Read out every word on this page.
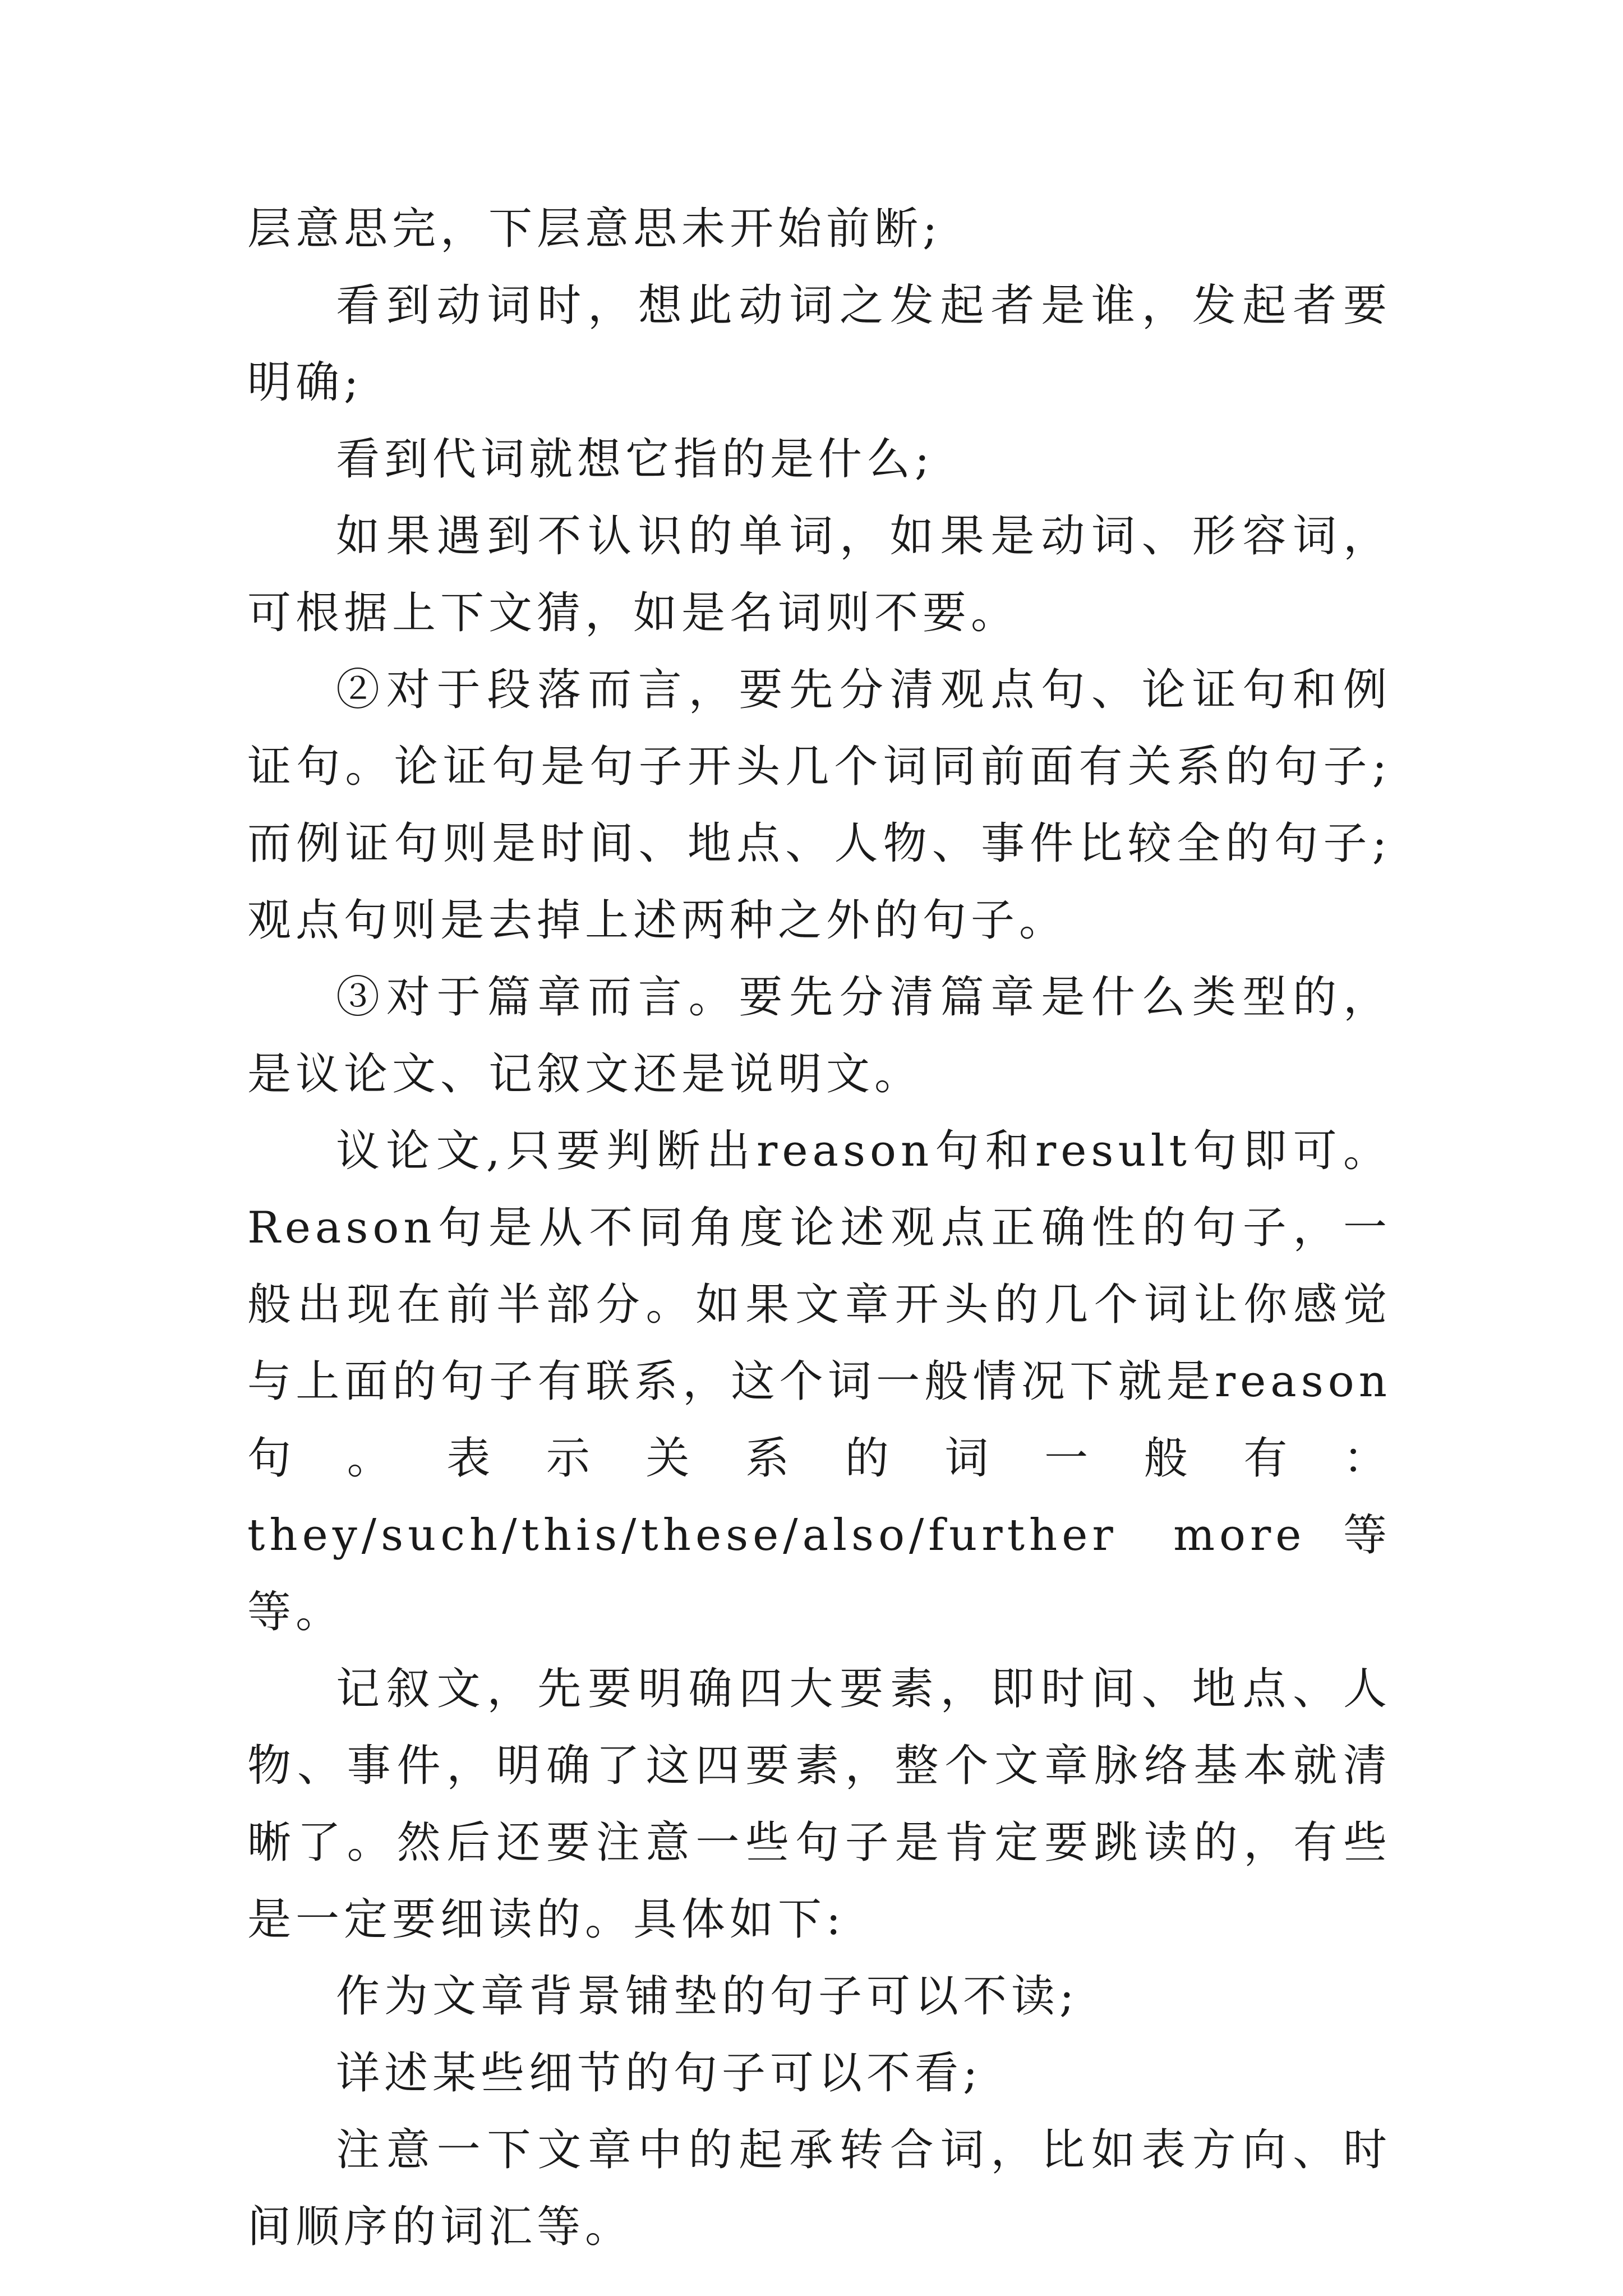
层意思完，下层意思未开始前断;

看到动词时，想此动词之发起者是谁，发起者要明确;

看到代词就想它指的是什么;

如果遇到不认识的单词，如果是动词、形容词，可根据上下文猜，如是名词则不要。

②对于段落而言，要先分清观点句、论证句和例证句。论证句是句子开头几个词同前面有关系的句子;而例证句则是时间、地点、人物、事件比较全的句子;观点句则是去掉上述两种之外的句子。

③对于篇章而言。要先分清篇章是什么类型的，是议论文、记叙文还是说明文。

议论文,只要判断出reason句和result句即可。Reason句是从不同角度论述观点正确性的句子，一般出现在前半部分。如果文章开头的几个词让你感觉与上面的句子有联系，这个词一般情况下就是reason句。表示关系的词一般有：they/such/this/these/also/further more等等。

记叙文，先要明确四大要素，即时间、地点、人物、事件，明确了这四要素，整个文章脉络基本就清晰了。然后还要注意一些句子是肯定要跳读的，有些是一定要细读的。具体如下:

作为文章背景铺垫的句子可以不读;

详述某些细节的句子可以不看;

注意一下文章中的起承转合词，比如表方向、时间顺序的词汇等。
